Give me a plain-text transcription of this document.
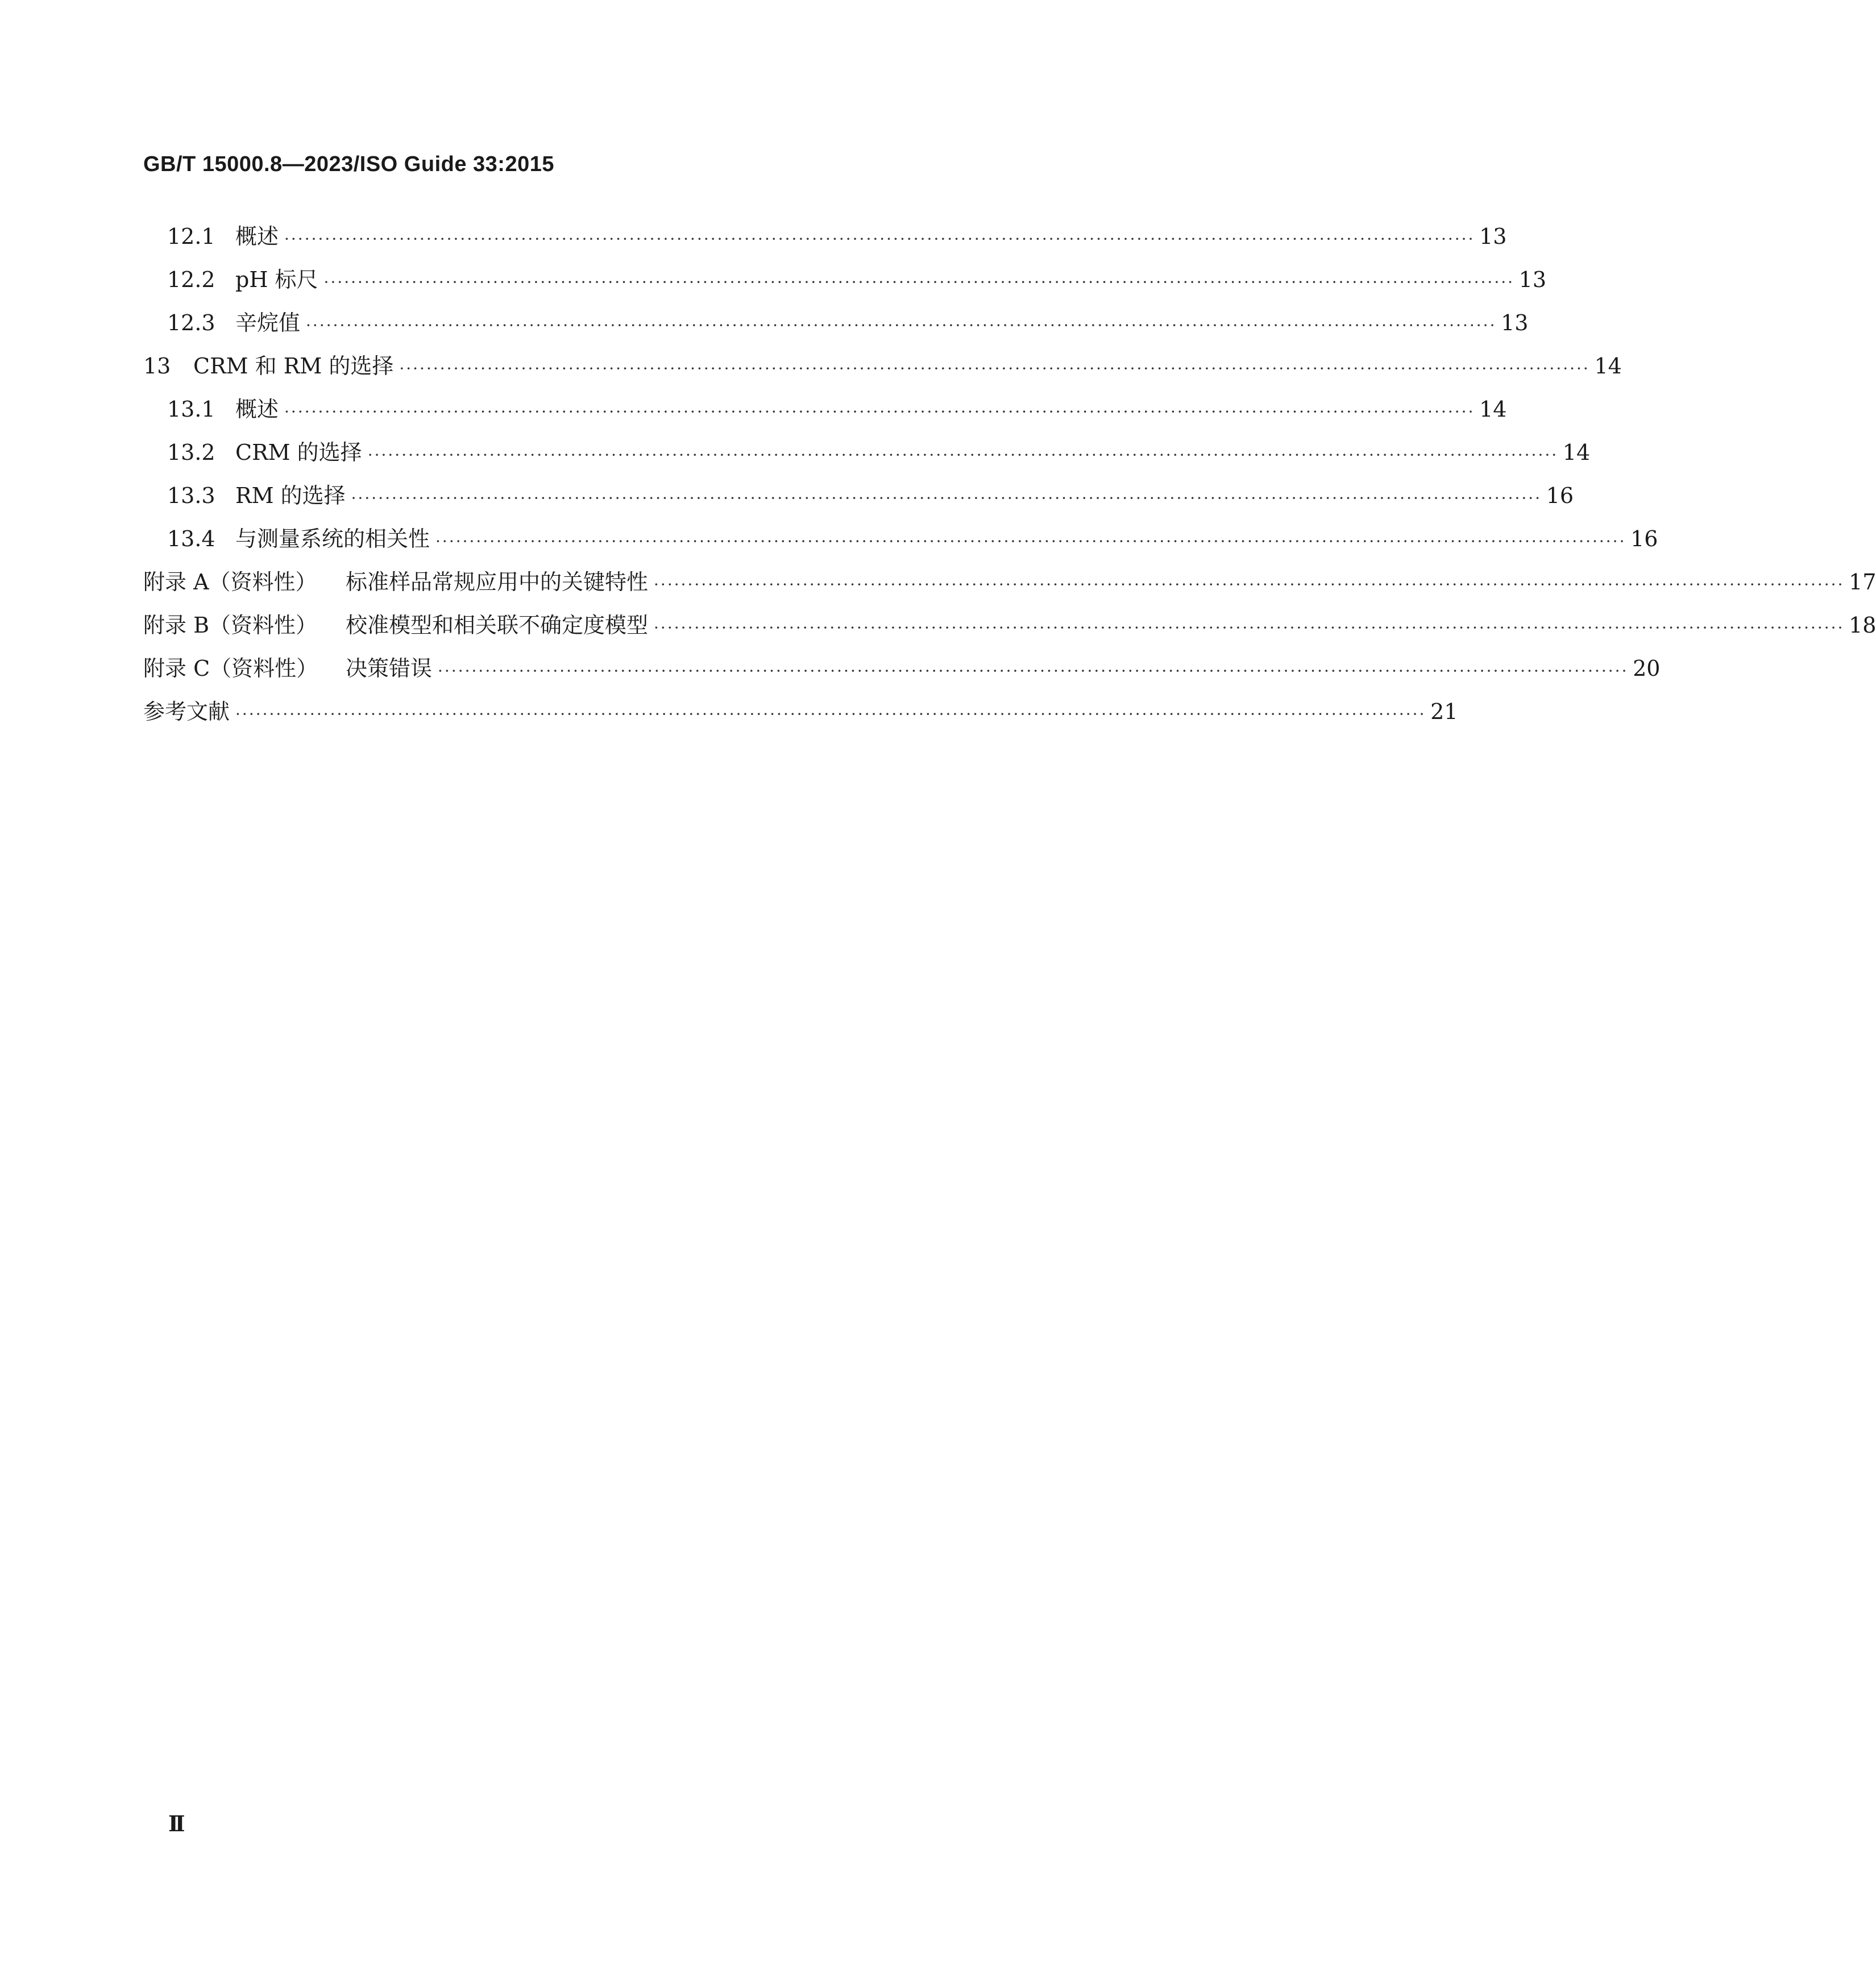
GB/T 15000.8—2023/ISO Guide 33:2015
12.1 概述 ················································································································································································ 13
12.2 pH 标尺 ················································································································································································ 13
12.3 辛烷值 ················································································································································································ 13
13	CRM 和 RM 的选择 ················································································································································································ 14
13.1 概述 ················································································································································································ 14
13.2 CRM 的选择 ················································································································································································ 14
13.3 RM 的选择 ················································································································································································ 16
13.4 与测量系统的相关性 ················································································································································································ 16
附录 A（资料性）	标准样品常规应用中的关键特性 ················································································································································································ 17
附录 B（资料性）	校准模型和相关联不确定度模型 ················································································································································································ 18
附录 C（资料性）	决策错误 ················································································································································································ 20
参考文献 ················································································································································································ 21
II
